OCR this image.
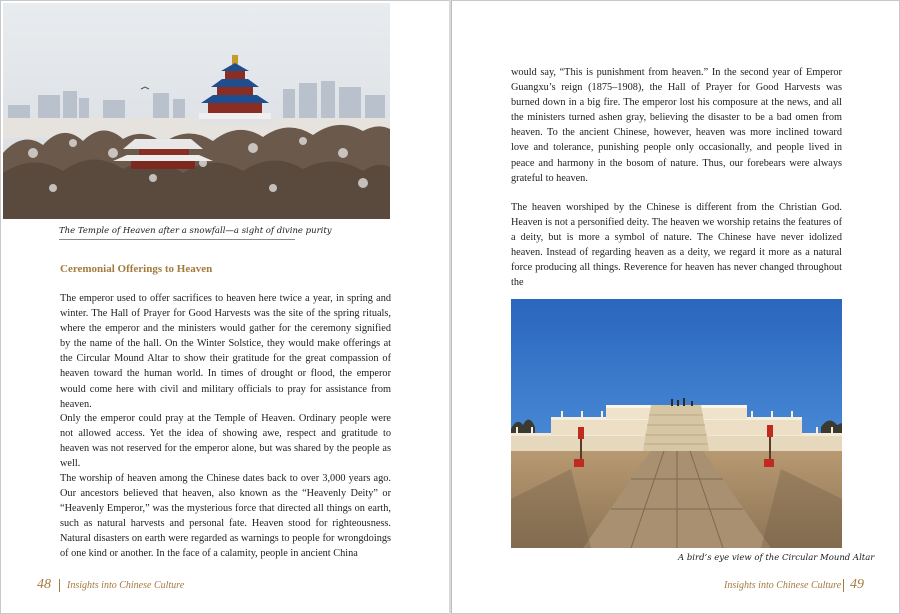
The Temple of Heaven after a snowfall—a sight of divine purity
Ceremonial Offerings to Heaven

The emperor used to offer sacrifices to heaven here twice a year, in spring and winter. The Hall of Prayer for Good Harvests was the site of the spring rituals, where the emperor and the ministers would gather for the ceremony signified by the name of the hall. On the Winter Solstice, they would make offerings at the Circular Mound Altar to show their gratitude for the great compassion of heaven toward the human world. In times of drought or flood, the emperor would come here with civil and military officials to pray for assistance from heaven.

Only the emperor could pray at the Temple of Heaven. Ordinary people were not allowed access. Yet the idea of showing awe, respect and gratitude to heaven was not reserved for the emperor alone, but was shared by the people as well.

The worship of heaven among the Chinese dates back to over 3,000 years ago. Our ancestors believed that heaven, also known as the “Heavenly Deity” or “Heavenly Emperor,” was the mysterious force that directed all things on earth, such as natural harvests and personal fate. Heaven stood for righteousness. Natural disasters on earth were regarded as warnings to people for wrongdoings of one kind or another. In the face of a calamity, people in ancient China

48 Insights into Chinese Culture

would say, “This is punishment from heaven.” In the second year of Emperor Guangxu’s reign (1875–1908), the Hall of Prayer for Good Harvests was burned down in a big fire. The emperor lost his composure at the news, and all the ministers turned ashen gray, believing the disaster to be a bad omen from heaven. To the ancient Chinese, however, heaven was more inclined toward love and tolerance, punishing people only occasionally, and people lived in peace and harmony in the bosom of nature. Thus, our forebears were always grateful to heaven.

The heaven worshiped by the Chinese is different from the Christian God. Heaven is not a personified deity. The heaven we worship retains the features of a deity, but is more a symbol of nature. The Chinese have never idolized heaven. Instead of regarding heaven as a deity, we regard it more as a natural force producing all things. Reverence for heaven has never changed throughout the

A bird’s eye view of the Circular Mound Altar
Insights into Chinese Culture 49
